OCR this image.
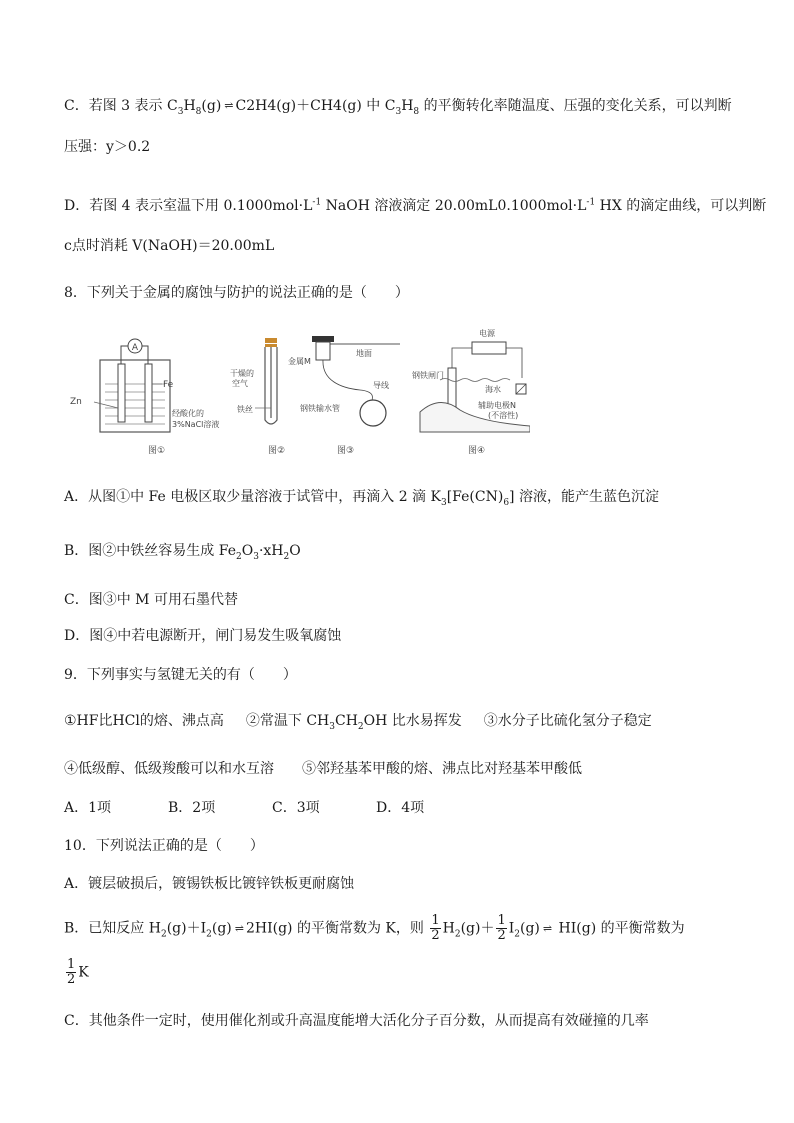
C．若图 3 表示 $C_3H_8(g)$ ⇌ C2H4(g)＋CH4(g) 中 $C_3H_8$ 的平衡转化率随温度、压强的变化关系，可以判断
压强：y＞0.2
D．若图 4 表示室温下用 $0.1000mol\cdot L^{-1}$ NaOH 溶液滴定 $20.00mL0.1000mol\cdot L^{-1}$ HX 的滴定曲线，可以判断
c点时消耗 V(NaOH)＝20.00mL
8．下列关于金属的腐蚀与防护的说法正确的是（　　）
A
Zn
Fe
经酸化的
3%NaCl溶液
图①
干燥的
空气
铁丝
图②
金属M
地面
导线
钢铁输水管
图③
电源
钢铁闸门
海水
辅助电极N
(不溶性)
图④
A．从图①中 Fe 电极区取少量溶液于试管中，再滴入 2 滴 $K_3[Fe(CN)_6]$ 溶液，能产生蓝色沉淀
B．图②中铁丝容易生成 $Fe_2O_3\cdot xH_2O$
C．图③中 M 可用石墨代替
D．图④中若电源断开，闸门易发生吸氧腐蚀
9．下列事实与氢键无关的有（　　）
①HF比HCl的熔、沸点高 ②常温下 $CH_3CH_2OH$ 比水易挥发 ③水分子比硫化氢分子稳定
④低级醇、低级羧酸可以和水互溶 ⑤邻羟基苯甲酸的熔、沸点比对羟基苯甲酸低
A．1项	B．2项	C．3项	D．4项
10．下列说法正确的是（　　）
A．镀层破损后，镀锡铁板比镀锌铁板更耐腐蚀
B．已知反应 $H_2(g)+I_2(g)$ ⇌ 2HI(g) 的平衡常数为 K，则 $\frac{1}{2} H_2(g)+ \frac{1}{2} I_2(g)$ ⇌ HI(g) 的平衡常数为
$\frac{1}{2}$ K
C．其他条件一定时，使用催化剂或升高温度能增大活化分子百分数，从而提高有效碰撞的几率
